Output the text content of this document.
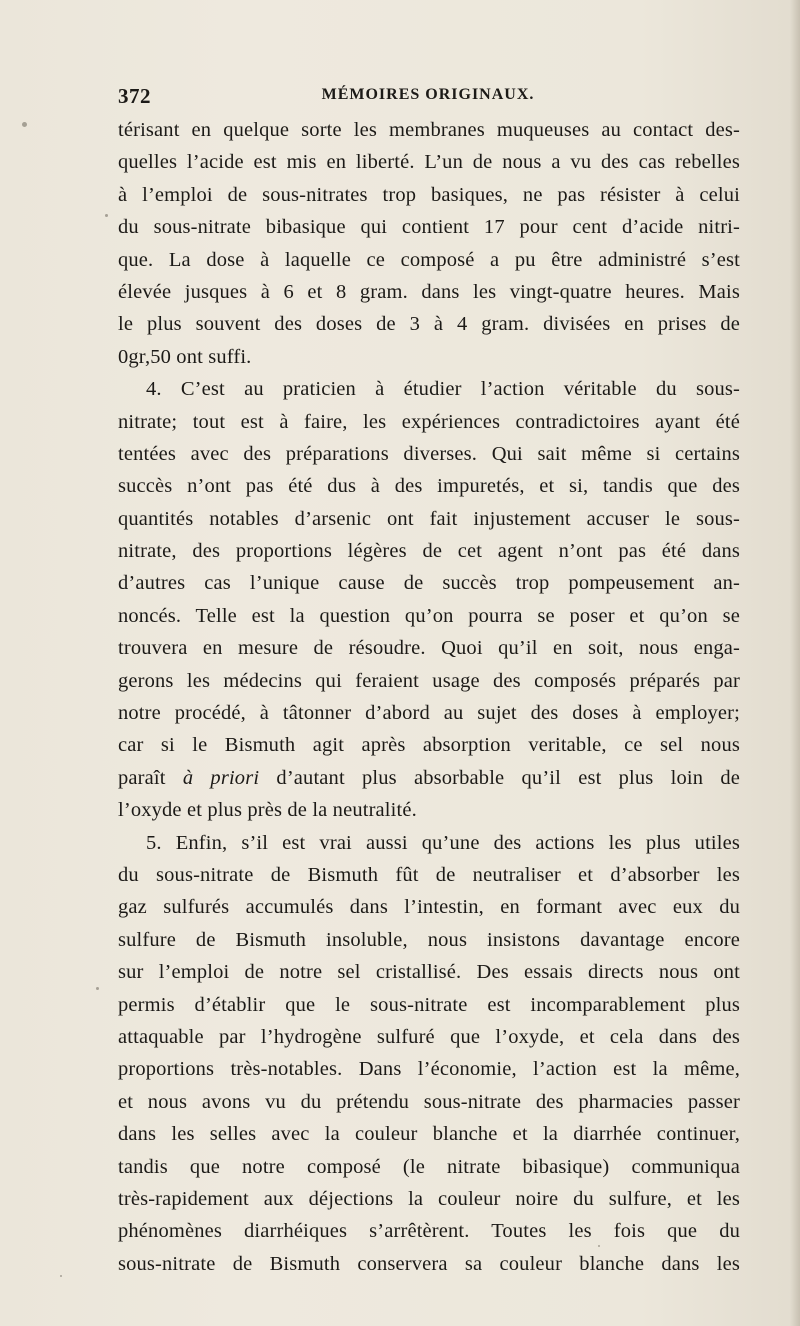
372	MÉMOIRES ORIGINAUX.
térisant en quelque sorte les membranes muqueuses au contact des-
quelles l’acide est mis en liberté. L’un de nous a vu des cas rebelles
à l’emploi de sous-nitrates trop basiques, ne pas résister à celui
du sous-nitrate bibasique qui contient 17 pour cent d’acide nitri-
que. La dose à laquelle ce composé a pu être administré s’est
élevée jusques à 6 et 8 gram. dans les vingt-quatre heures. Mais
le plus souvent des doses de 3 à 4 gram. divisées en prises de
0gr,50 ont suffi.
4. C’est au praticien à étudier l’action véritable du sous-
nitrate; tout est à faire, les expériences contradictoires ayant été
tentées avec des préparations diverses. Qui sait même si certains
succès n’ont pas été dus à des impuretés, et si, tandis que des
quantités notables d’arsenic ont fait injustement accuser le sous-
nitrate, des proportions légères de cet agent n’ont pas été dans
d’autres cas l’unique cause de succès trop pompeusement an-
noncés. Telle est la question qu’on pourra se poser et qu’on se
trouvera en mesure de résoudre. Quoi qu’il en soit, nous enga-
gerons les médecins qui feraient usage des composés préparés par
notre procédé, à tâtonner d’abord au sujet des doses à employer;
car si le Bismuth agit après absorption veritable, ce sel nous
paraît à priori d’autant plus absorbable qu’il est plus loin de
l’oxyde et plus près de la neutralité.
5. Enfin, s’il est vrai aussi qu’une des actions les plus utiles
du sous-nitrate de Bismuth fût de neutraliser et d’absorber les
gaz sulfurés accumulés dans l’intestin, en formant avec eux du
sulfure de Bismuth insoluble, nous insistons davantage encore
sur l’emploi de notre sel cristallisé. Des essais directs nous ont
permis d’établir que le sous-nitrate est incomparablement plus
attaquable par l’hydrogène sulfuré que l’oxyde, et cela dans des
proportions très-notables. Dans l’économie, l’action est la même,
et nous avons vu du prétendu sous-nitrate des pharmacies passer
dans les selles avec la couleur blanche et la diarrhée continuer,
tandis que notre composé (le nitrate bibasique) communiqua
très-rapidement aux déjections la couleur noire du sulfure, et les
phénomènes diarrhéiques s’arrêtèrent. Toutes les fois que du
sous-nitrate de Bismuth conservera sa couleur blanche dans les
